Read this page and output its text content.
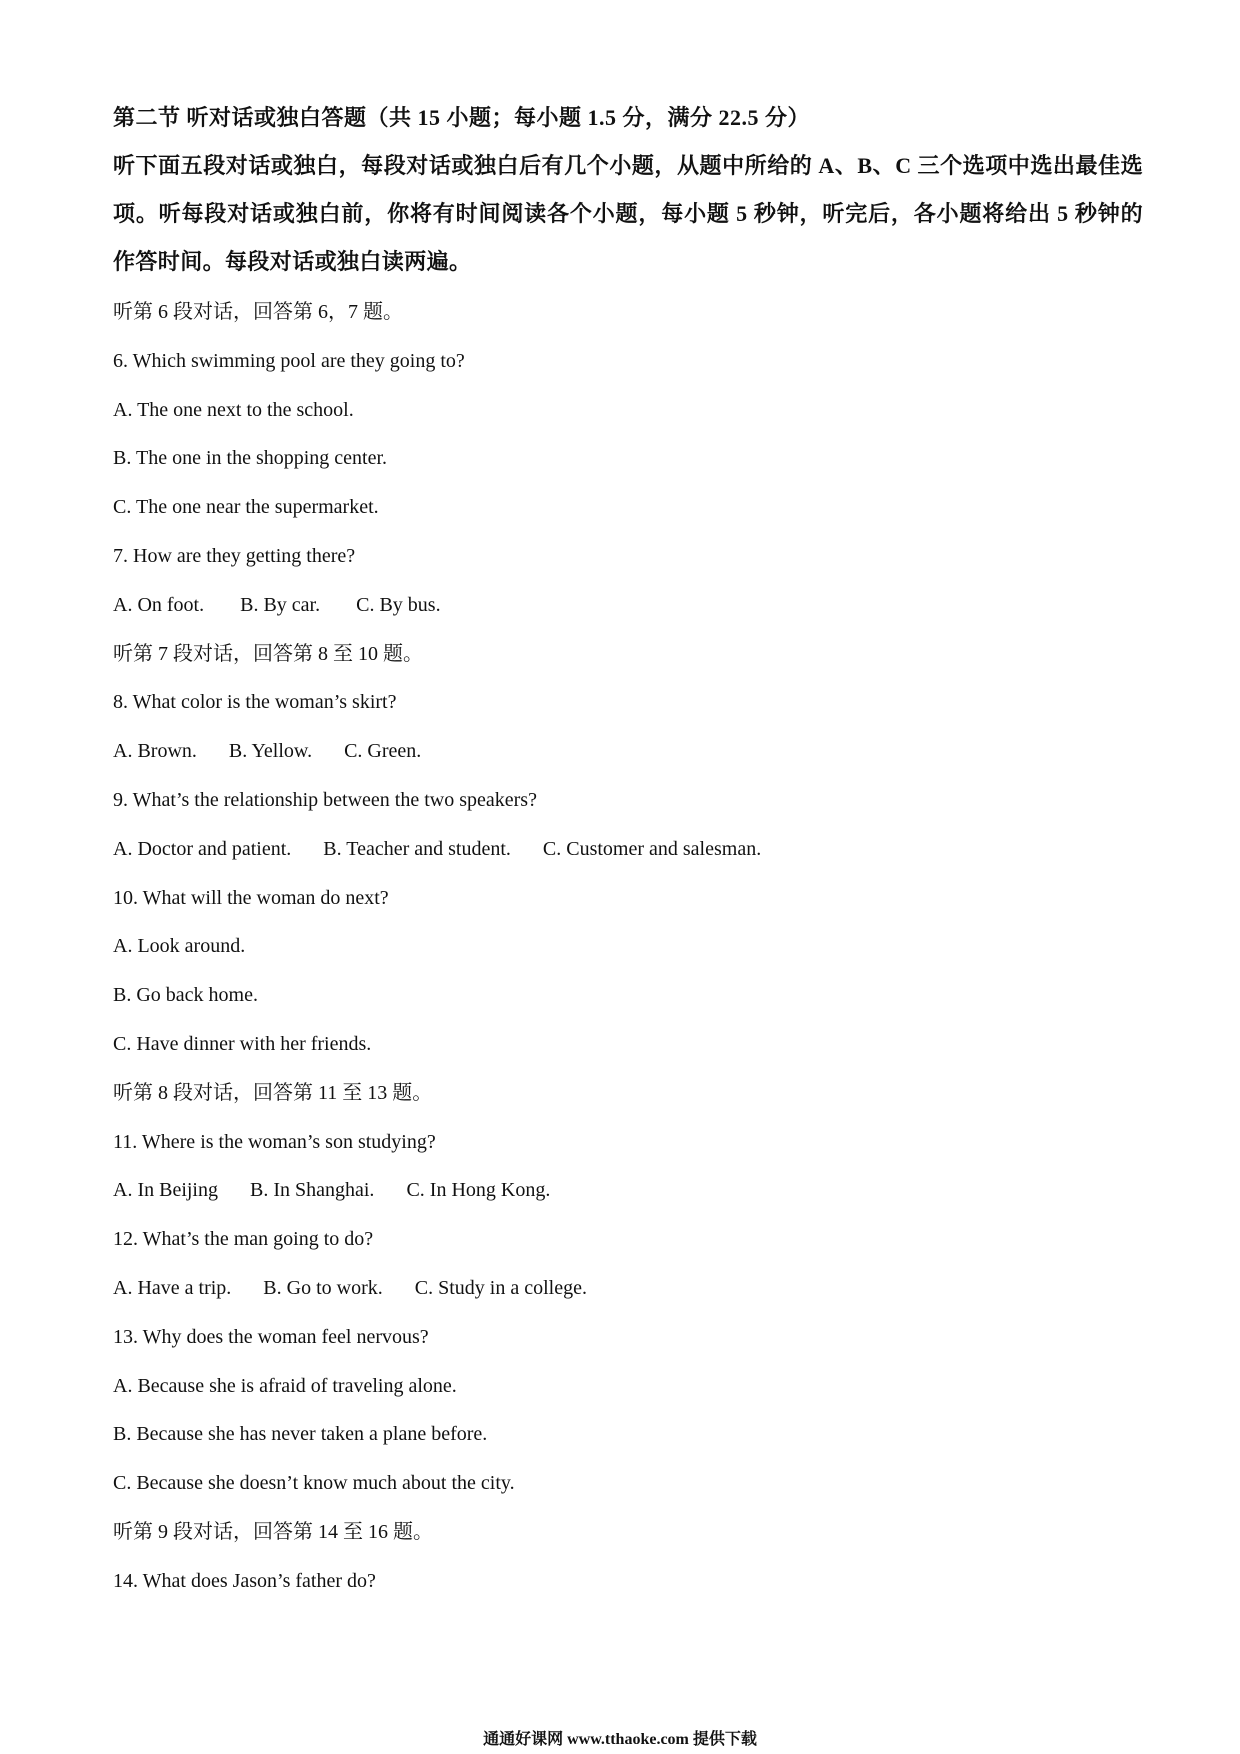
第二节 听对话或独白答题（共 15 小题；每小题 1.5 分，满分 22.5 分）

听下面五段对话或独白，每段对话或独白后有几个小题，从题中所给的 A、B、C 三个选项中选出最佳选项。听每段对话或独白前，你将有时间阅读各个小题，每小题 5 秒钟，听完后，各小题将给出 5 秒钟的作答时间。每段对话或独白读两遍。

听第 6 段对话，回答第 6，7 题。

6. Which swimming pool are they going to?

A. The one next to the school.

B. The one in the shopping center.

C. The one near the supermarket.

7. How are they getting there?

A. On foot. B. By car. C. By bus.

听第 7 段对话，回答第 8 至 10 题。

8. What color is the woman’s skirt?

A. Brown. B. Yellow. C. Green.

9. What’s the relationship between the two speakers?

A. Doctor and patient. B. Teacher and student. C. Customer and salesman.

10. What will the woman do next?

A. Look around.

B. Go back home.

C. Have dinner with her friends.

听第 8 段对话，回答第 11 至 13 题。

11. Where is the woman’s son studying?

A. In Beijing B. In Shanghai. C. In Hong Kong.

12. What’s the man going to do?

A. Have a trip. B. Go to work. C. Study in a college.

13. Why does the woman feel nervous?

A. Because she is afraid of traveling alone.

B. Because she has never taken a plane before.

C. Because she doesn’t know much about the city.

听第 9 段对话，回答第 14 至 16 题。

14. What does Jason’s father do?

通通好课网 www.tthaoke.com 提供下载
